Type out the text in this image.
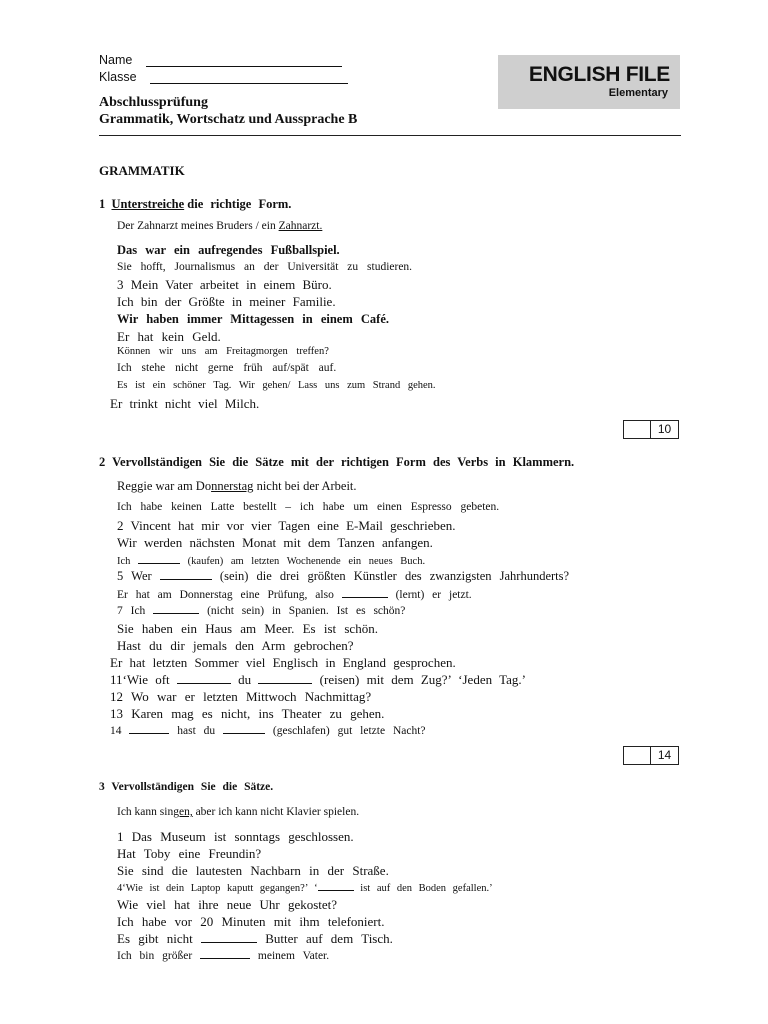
Name
Klasse
Abschlussprüfung
Grammatik, Wortschatz und Aussprache B
ENGLISH FILE
Elementary
GRAMMATIK
1 Unterstreiche die richtige Form.
Der Zahnarzt meines Bruders / ein Zahnarzt.
Das war ein aufregendes Fußballspiel.
Sie hofft, Journalismus an der Universität zu studieren.
3 Mein Vater arbeitet in einem Büro.
Ich bin der Größte in meiner Familie.
Wir haben immer Mittagessen in einem Café.
Er hat kein Geld.
Können wir uns am Freitagmorgen treffen?
Ich stehe nicht gerne früh auf/spät auf.
Es ist ein schöner Tag. Wir gehen/ Lass uns zum Strand gehen.
Er trinkt nicht viel Milch.
10
2 Vervollständigen Sie die Sätze mit der richtigen Form des Verbs in Klammern.
Reggie war am Donnerstag nicht bei der Arbeit.
Ich habe keinen Latte bestellt – ich habe um einen Espresso gebeten.
2 Vincent hat mir vor vier Tagen eine E-Mail geschrieben.
Wir werden nächsten Monat mit dem Tanzen anfangen.
Ich	(kaufen) am letzten Wochenende ein neues Buch.
5 Wer	(sein) die drei größten Künstler des zwanzigsten Jahrhunderts?
Er hat am Donnerstag eine Prüfung, also	(lernt) er jetzt.
7 Ich	(nicht sein) in Spanien. Ist es schön?
Sie haben ein Haus am Meer. Es ist schön.
Hast du dir jemals den Arm gebrochen?
Er hat letzten Sommer viel Englisch in England gesprochen.
11‘Wie oft	du	(reisen) mit dem Zug?’ ‘Jeden Tag.’
12 Wo war er letzten Mittwoch Nachmittag?
13 Karen mag es nicht, ins Theater zu gehen.
14	hast du	(geschlafen) gut letzte Nacht?
14
3 Vervollständigen Sie die Sätze.
Ich kann singen, aber ich kann nicht Klavier spielen.
1 Das Museum ist sonntags geschlossen.
Hat Toby eine Freundin?
Sie sind die lautesten Nachbarn in der Straße.
4‘Wie ist dein Laptop kaputt gegangen?’ ‘	ist auf den Boden gefallen.’
Wie viel hat ihre neue Uhr gekostet?
Ich habe vor 20 Minuten mit ihm telefoniert.
Es gibt nicht	Butter auf dem Tisch.
Ich bin größer	meinem Vater.
